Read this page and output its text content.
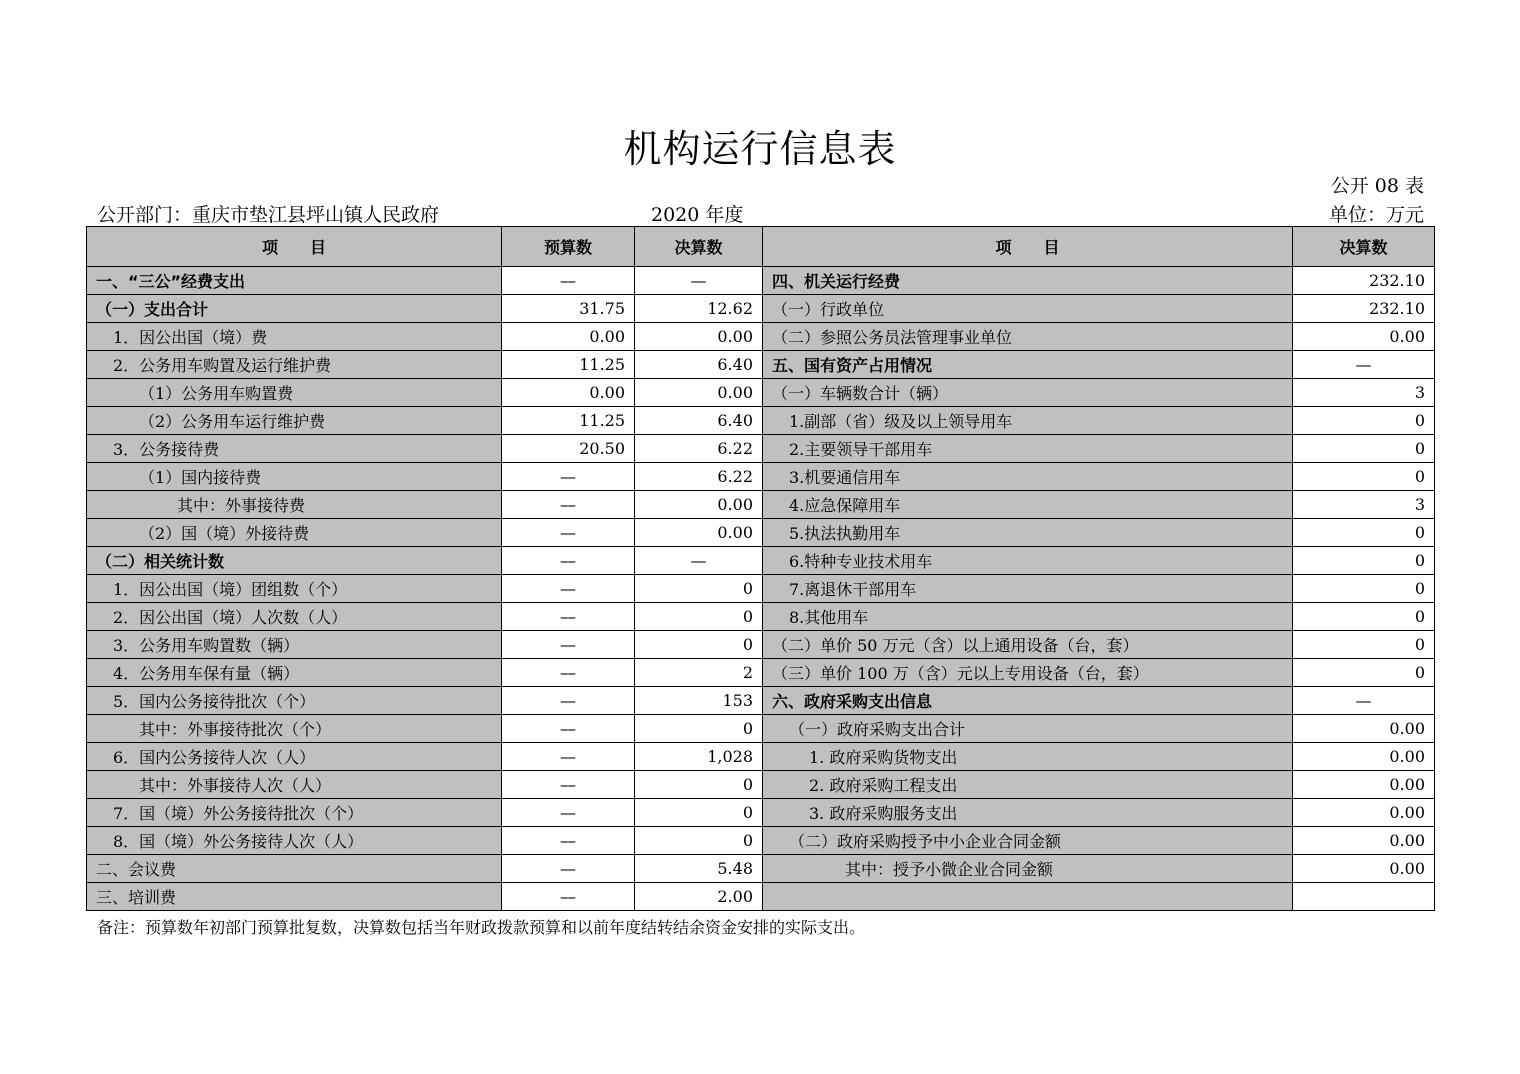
机构运行信息表
公开 08 表
公开部门：重庆市垫江县坪山镇人民政府	2020 年度	单位：万元
项　　目	预算数	决算数	项　　目	决算数
一、“三公”经费支出	—	—	四、机关运行经费	232.10
（一）支出合计	31.75	12.62	（一）行政单位	232.10
1．因公出国（境）费	0.00	0.00	（二）参照公务员法管理事业单位	0.00
2．公务用车购置及运行维护费	11.25	6.40	五、国有资产占用情况	—
（1）公务用车购置费	0.00	0.00	（一）车辆数合计（辆）	3
（2）公务用车运行维护费	11.25	6.40	1.副部（省）级及以上领导用车	0
3．公务接待费	20.50	6.22	2.主要领导干部用车	0
（1）国内接待费	—	6.22	3.机要通信用车	0
其中：外事接待费	—	0.00	4.应急保障用车	3
（2）国（境）外接待费	—	0.00	5.执法执勤用车	0
（二）相关统计数	—	—	6.特种专业技术用车	0
1．因公出国（境）团组数（个）	—	0	7.离退休干部用车	0
2．因公出国（境）人次数（人）	—	0	8.其他用车	0
3．公务用车购置数（辆）	—	0	（二）单价 50 万元（含）以上通用设备（台，套）	0
4．公务用车保有量（辆）	—	2	（三）单价 100 万（含）元以上专用设备（台，套）	0
5．国内公务接待批次（个）	—	153	六、政府采购支出信息	—
其中：外事接待批次（个）	—	0	（一）政府采购支出合计	0.00
6．国内公务接待人次（人）	—	1,028	1. 政府采购货物支出	0.00
其中：外事接待人次（人）	—	0	2. 政府采购工程支出	0.00
7．国（境）外公务接待批次（个）	—	0	3. 政府采购服务支出	0.00
8．国（境）外公务接待人次（人）	—	0	（二）政府采购授予中小企业合同金额	0.00
二、会议费	—	5.48	其中：授予小微企业合同金额	0.00
三、培训费	—	2.00		
备注：预算数年初部门预算批复数，决算数包括当年财政拨款预算和以前年度结转结余资金安排的实际支出。
